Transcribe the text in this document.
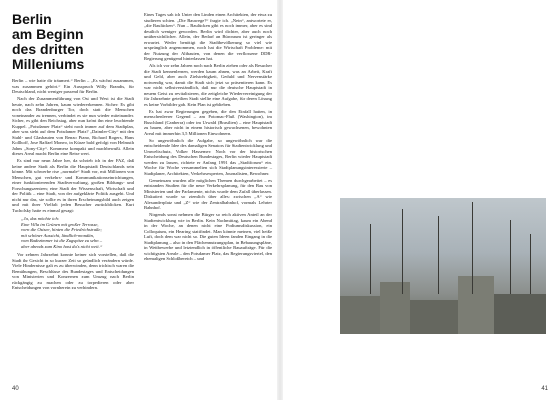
Berlin
am Beginn
des dritten
Milleniums

Berlin – wie hatte dir träumert.“ Berlin – „Es wächst zusammen, was zusammen gehört.“ Ein Ausspruch Willy Brandts, für Deutschland, nicht weniger passend für Berlin.

Nach der Zusammenführung von Ost und West ist die Stadt heute, nach zehn Jahren, kaum wiedererkennen. Sicher: Es gibt noch das Brandenburger Tor, doch statt die Menschen voneinander zu trennen, verbindet es sie nun wieder miteinander. Sicher, es gibt den Reichstag, aber nun krönt ihn eine leuchtende Kuppel. „Potsdamer Platz“ steht noch immer auf dem Stadtplan, aber was steht auf dem Potsdamer Platz? „Daimler-City“ mit den Stahl- und Glasbauten von Renzo Piano, Richard Rogers, Hans Kollhoff, Jose Raffael Moneo, in Kürze bald gefolgt von Helmuth Jahns „Sony-City“. Kommerz kompakt und machbewußt. Allein dieses Areal macht Berlin eine Reise wert.

Es sind nur neun Jahre her, da schrieb ich in der FAZ, daß keine andere Stadt als Berlin die Hauptstadt Deutschlands sein könne. Mit schwerbe rise „normale“ Stadt vor, mit Millionen von Menschen, gut verkehrs- und Kommunikationseinrichtungen, einer funktionierenden Stadtverwaltung, großen Bildungs- und Forschungszentren; eine Stadt der Wissenschaft, Wirtschaft und der Politik – eine Stadt, von der aufgeklärte Politik ausgeht. Und nicht nur das, sie sollte es in ihren Erscheinungsbild auch zeigen und mit ihrer Vielfalt jeden Besucher zurückblicken. Kurt Tucholsky hatte es einmal gesagt:

„Ja, das möchte ich:
Eine Villa im Grünen mit großer Terrasse,
vorn die Ostsee, hinten die Friedrichstraße;
mit schöner Aussicht, ländlich-mondän,
vom Badezimmer ist die Zugspitze zu sehn –
aber abends zum Kino hast du's nicht weit.“

Vor zehnen Jahrzehnt konnte keiner sich vorstellen, daß die Stadt ihr Gesicht in so kurzer Zeit so gründlich verändern würde. Viele Hindernisse galt es zu überwinden, denn trichisch waren die Bemühungen, Beschlüsse des Bundestages und Entscheidungen von Ministerien und Konzernen zum Umzug nach Berlin rückgängig zu machen oder zu torpedieren oder aber Entscheidungen von vornherein zu verhindern.

Eines Tages sah ich Unter den Linden einen Architekten, der etwa zu studieren schien. „Die Bauwege?“ fragte ich. „Nein“, antwortete er, „die Baulücken“. Nun – Baulücken gibt es noch immer, aber es sind deutlich weniger geworden. Berlin wird dichter, aber auch noch unübersichtlicher. Allein, der Bedarf an Büroraum ist geringer als erwartet. Weder benötigt die Stadtbevölkerung so viel wie ursprünglich angenommen, noch hat die Wirtschaft Probleme: mit der Nutzung der Altbauten, von denen die verflossene DDR-Regierung genügend hinterlassen hat.

Als ich vor zehn Jahren noch nach Berlin ziehen oder als Besucher die Stadt kennenlernen, werden kaum ahnen, was an Arbeit, Kraft und Geld, aber auch Zielstrebigkeit, Geduld und Nervenstärke notwendig war, damit die Stadt sich jetzt so präsentieren kann. Es war nicht selbstverständlich, daß nur die deutsche Hauptstadt in neuem Geist zu revitalisieren, die zeitgleiche Wiedervereinigung der für Jahrzehnte geteilten Stadt stellte eine Aufgabe, für deren Lösung es keine Vorbilder gab. Kein Plan ist geblieben.

Es hat zwar Regierungen gegeben, die den Einfall hatten, in menschenleerer Gegend – am Potomac-Fluß (Washington), im Buschland (Canberra) oder im Urwald (Brasilien) – eine Hauptstadt zu bauen, aber nicht in einem historisch gewachsenen, bewohnten Areal mit immerhin 3,5 Millionen Einwohnern.

So ungewöhnlich die Aufgabe, so ungewöhnlich war die entscheidende Idee des damaligen Senators für Stadtentwicklung und Umweltschutz, Volker Hassemer: Noch vor der historischen Entscheidung des Deutschen Bundestages, Berlin wieder Hauptstadt werden zu lassen, richtete er Anfang 1991 das „Stadtforum“ ein. Woche für Woche versammelten sich Stadtplanungsinteressierte – Stadtplaner, Architekten, Verkehrsexperten, Journalisten, Bewohner.

Gemeinsam wurden alle möglichen Themen durchgearbeitet – es entstanden Studien für die neue Verkehrsplanung, für den Bau von Ministerien und der Parlamente, nichts wurde dem Zufall überlassen. Diskutiert wurde so ziemlich über alles: zwischen „A“ wie Alexanderplatz und „Z“ wie der Zentralbahnhof, vormals Lehrter Bahnhof.

Nirgends sonst nehmen die Bürger so reich aktiven Anteil an der Stadtentwicklung wie in Berlin. Kein Nachmittag, kaum ein Abend in der Woche, an denen nicht eine Podiumsdiskussion, ein Colloquium, ein Hearing stattfindet. Man könnte meinen, viel heiße Luft, doch dem war nicht so. Die guten Ideen fanden Eingang in die Stadtplanung – also in den Flächennutzungsplan, in Bebauungspläne, in Wettbewerbe und letztendlich in öffentliche Bauaufträge. Für die wichtigsten Areale – den Potsdamer Platz, das Regierungsviertel, den ehemaligen Schloßbereich – und

40	41
